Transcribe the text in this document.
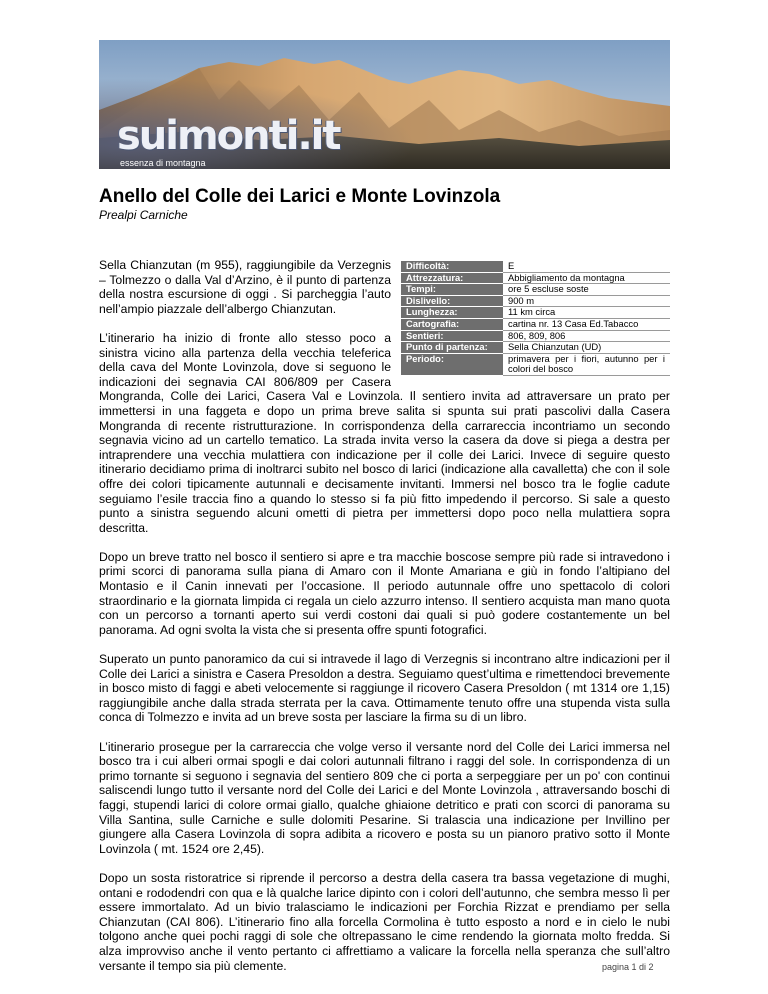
suimonti.it
essenza di montagna
Anello del Colle dei Larici e Monte Lovinzola

Prealpi Carniche

Difficoltà:	E
Attrezzatura:	Abbigliamento da montagna
Tempi:	ore 5 escluse soste
Dislivello:	900 m
Lunghezza:	11 km circa
Cartografia:	cartina nr. 13 Casa Ed.Tabacco
Sentieri:	806, 809, 806
Punto di partenza:	Sella Chianzutan (UD)
Periodo:	primavera per i fiori, autunno per i colori del bosco

Sella Chianzutan (m 955), raggiungibile da Verzegnis – Tolmezzo o dalla Val d’Arzino, è il punto di partenza della nostra escursione di oggi . Si parcheggia l’auto nell’ampio piazzale dell’albergo Chianzutan.

L’itinerario ha inizio di fronte allo stesso poco a sinistra vicino alla partenza della vecchia teleferica della cava del Monte Lovinzola, dove si seguono le indicazioni dei segnavia CAI 806/809 per Casera Mongranda, Colle dei Larici, Casera Val e Lovinzola. Il sentiero invita ad attraversare un prato per immettersi in una faggeta e dopo un prima breve salita si spunta sui prati pascolivi dalla Casera Mongranda di recente ristrutturazione. In corrispondenza della carrareccia incontriamo un secondo segnavia vicino ad un cartello tematico. La strada invita verso la casera da dove si piega a destra per intraprendere una vecchia mulattiera con indicazione per il colle dei Larici. Invece di seguire questo itinerario decidiamo prima di inoltrarci subito nel bosco di larici (indicazione alla cavalletta) che con il sole offre dei colori tipicamente autunnali e decisamente invitanti. Immersi nel bosco tra le foglie cadute seguiamo l’esile traccia fino a quando lo stesso si fa più fitto impedendo il percorso. Si sale a questo punto a sinistra seguendo alcuni ometti di pietra per immettersi dopo poco nella mulattiera sopra descritta.

Dopo un breve tratto nel bosco il sentiero si apre e tra macchie boscose sempre più rade si intravedono i primi scorci di panorama sulla piana di Amaro con il Monte Amariana e giù in fondo l’altipiano del Montasio e il Canin innevati per l’occasione. Il periodo autunnale offre uno spettacolo di colori straordinario e la giornata limpida ci regala un cielo azzurro intenso. Il sentiero acquista man mano quota con un percorso a tornanti aperto sui verdi costoni dai quali si può godere costantemente un bel panorama. Ad ogni svolta la vista che si presenta offre spunti fotografici.

Superato un punto panoramico da cui si intravede il lago di Verzegnis si incontrano altre indicazioni per il Colle dei Larici a sinistra e Casera Presoldon a destra. Seguiamo quest’ultima e rimettendoci brevemente in bosco misto di faggi e abeti velocemente si raggiunge il ricovero Casera Presoldon ( mt 1314 ore 1,15) raggiungibile anche dalla strada sterrata per la cava. Ottimamente tenuto offre una stupenda vista sulla conca di Tolmezzo e invita ad un breve sosta per lasciare la firma su di un libro.

L’itinerario prosegue per la carrareccia che volge verso il versante nord del Colle dei Larici immersa nel bosco tra i cui alberi ormai spogli e dai colori autunnali filtrano i raggi del sole. In corrispondenza di un primo tornante si seguono i segnavia del sentiero 809 che ci porta a serpeggiare per un po' con continui saliscendi lungo tutto il versante nord del Colle dei Larici e del Monte Lovinzola , attraversando boschi di faggi, stupendi larici di colore ormai giallo, qualche ghiaione detritico e prati con scorci di panorama su Villa Santina, sulle Carniche e sulle dolomiti Pesarine. Si tralascia una indicazione per Invillino per giungere alla Casera Lovinzola di sopra adibita a ricovero e posta su un pianoro prativo sotto il Monte Lovinzola ( mt. 1524 ore 2,45).

Dopo un sosta ristoratrice si riprende il percorso a destra della casera tra bassa vegetazione di mughi, ontani e rododendri con qua e là qualche larice dipinto con i colori dell’autunno, che sembra messo lì per essere immortalato. Ad un bivio tralasciamo le indicazioni per Forchia Rizzat e prendiamo per sella Chianzutan (CAI 806). L’itinerario fino alla forcella Cormolina è tutto esposto a nord e in cielo le nubi tolgono anche quei pochi raggi di sole che oltrepassano le cime rendendo la giornata molto fredda. Si alza improvviso anche il vento pertanto ci affrettiamo a valicare la forcella nella speranza che sull’altro versante il tempo sia più clemente.	pagina 1 di 2
